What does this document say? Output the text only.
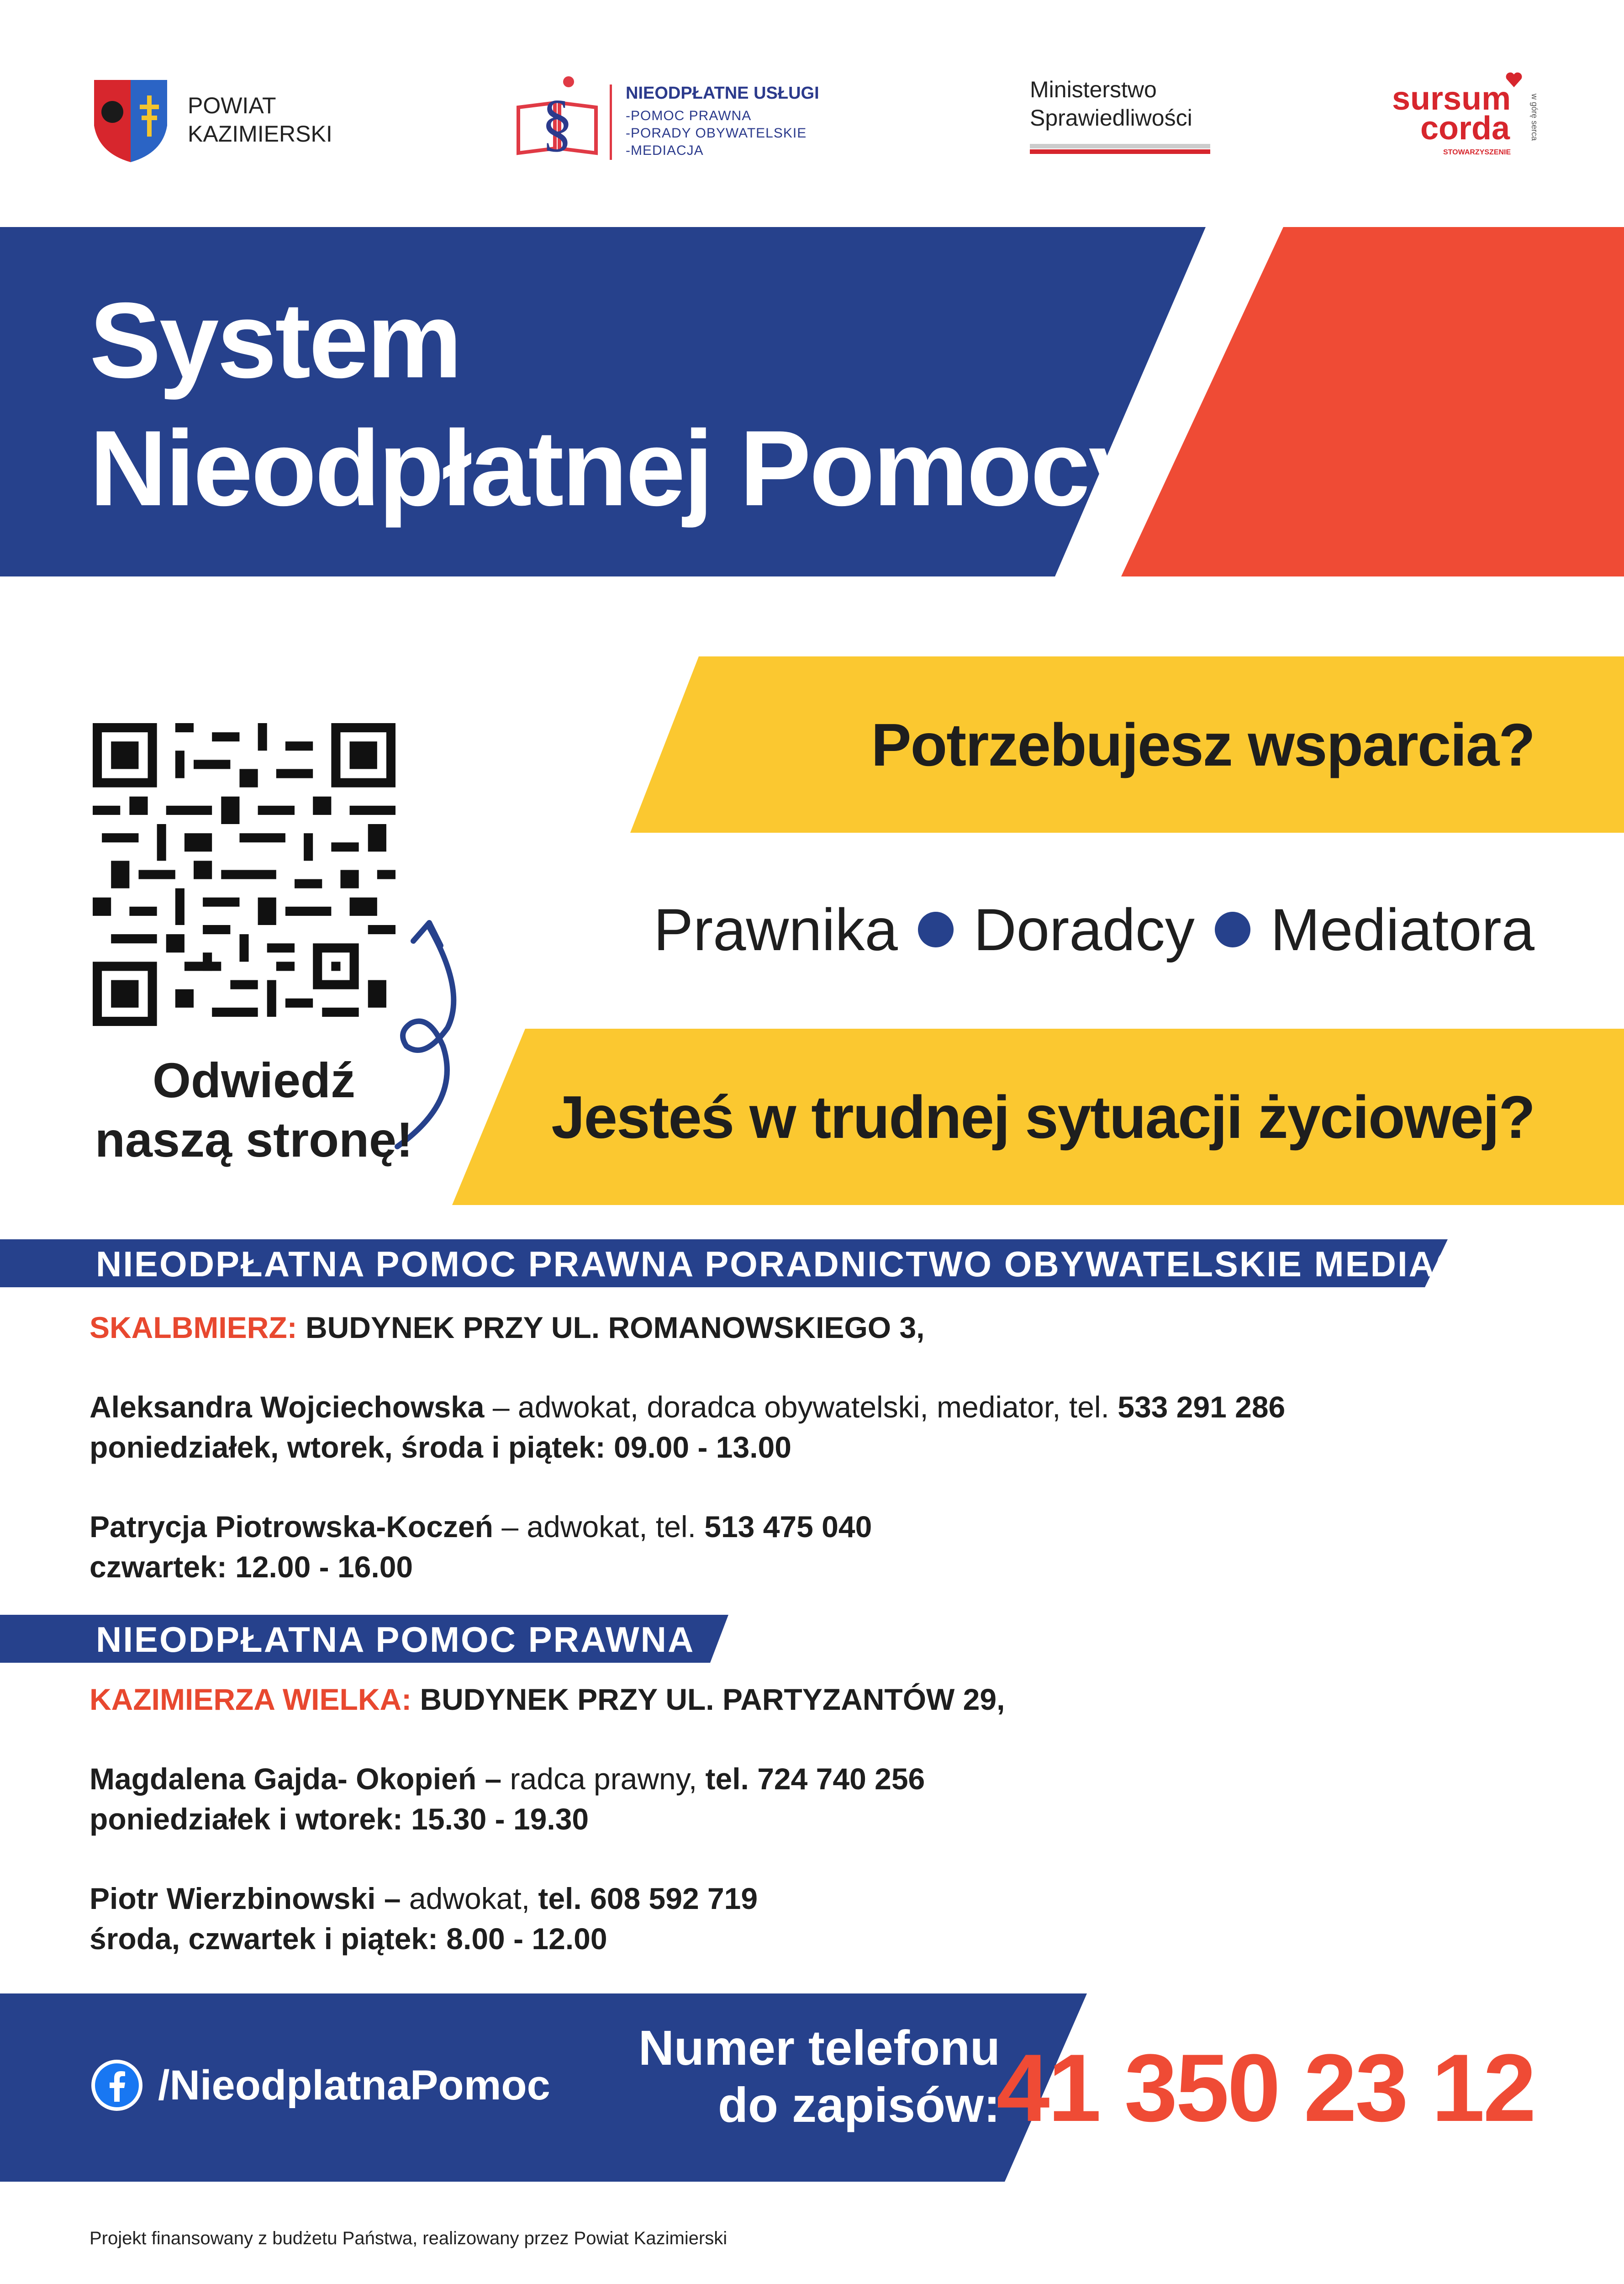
POWIAT
KAZIMIERSKI	§	NIEODPŁATNE USŁUGI
-POMOC PRAWNA
-PORADY OBYWATELSKIE
-MEDIACJA
Ministerstwo
Sprawiedliwości
sursum
corda
STOWARZYSZENIE
w górę serca
System
Nieodpłatnej Pomocy
Odwiedź
naszą stronę!
Potrzebujesz wsparcia?
Prawnika Doradcy Mediatora
Jesteś w trudnej sytuacji życiowej?
NIEODPŁATNA POMOC PRAWNA PORADNICTWO OBYWATELSKIE MEDIACJA
SKALBMIERZ: BUDYNEK PRZY UL. ROMANOWSKIEGO 3,
Aleksandra Wojciechowska – adwokat, doradca obywatelski, mediator, tel. 533 291 286
poniedziałek, wtorek, środa i piątek: 09.00 - 13.00
Patrycja Piotrowska-Koczeń – adwokat, tel. 513 475 040
czwartek: 12.00 - 16.00
NIEODPŁATNA POMOC PRAWNA
KAZIMIERZA WIELKA: BUDYNEK PRZY UL. PARTYZANTÓW 29,
Magdalena Gajda- Okopień – radca prawny, tel. 724 740 256
poniedziałek i wtorek: 15.30 - 19.30
Piotr Wierzbinowski – adwokat, tel. 608 592 719
środa, czwartek i piątek: 8.00 - 12.00
/NieodplatnaPomoc
Numer telefonu
do zapisów:
41 350 23 12
Projekt finansowany z budżetu Państwa, realizowany przez Powiat Kazimierski
